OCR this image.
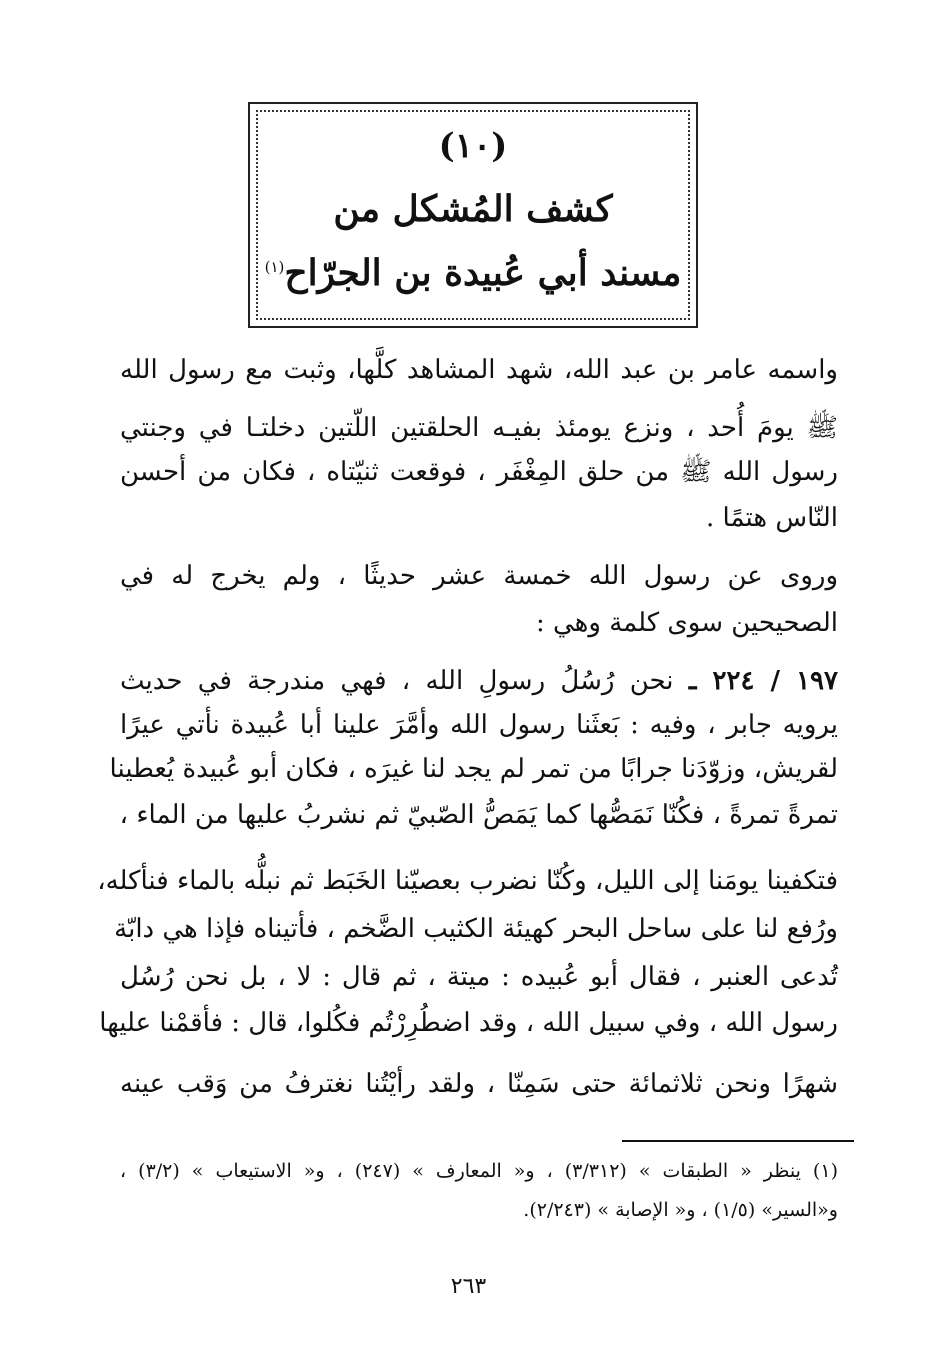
(١٠)
كشف المُشكل من
مسند أبي عُبيدة بن الجرّاح$^{(١)}$
واسمه عامر بن عبد الله، شهد المشاهد كلَّها، وثبت مع رسول الله
ﷺ يومَ أُحد ، ونزع يومئذ بفيـه الحلقتين اللّتين دخلتـا في وجنتي
رسول الله ﷺ من حلق المِغْفَر ، فوقعت ثنيّتاه ، فكان من أحسن
النّاس هتمًا .
وروى عن رسول الله خمسة عشر حديثًا ، ولم يخرج له في
الصحيحين سوى كلمة وهي :
١٩٧ / ٢٢٤ ـ نحن رُسُلُ رسولِ الله ، فهي مندرجة في حديث
يرويه جابر ، وفيه : بَعثَنا رسول الله وأمَّرَ علينا أبا عُبيدة نأتي عيرًا
لقريش، وزوّدَنا جرابًا من تمر لم يجد لنا غيرَه ، فكان أبو عُبيدة يُعطينا
تمرةً تمرةً ، فكُنّا نَمَصُّها كما يَمَصُّ الصّبيّ ثم نشربُ عليها من الماء ،
فتكفينا يومَنا إلى الليل، وكُنّا نضرب بعصيّنا الخَبَط ثم نبلُّه بالماء فنأكله،
ورُفع لنا على ساحل البحر كهيئة الكثيب الضَّخم ، فأتيناه فإذا هي دابّة
تُدعى العنبر ، فقال أبو عُبيده : ميتة ، ثم قال : لا ، بل نحن رُسُل
رسول الله ، وفي سبيل الله ، وقد اضطُرِرْتُم فكُلوا، قال : فأقمْنا عليها
شهرًا ونحن ثلاثمائة حتى سَمِنّا ، ولقد رأيْتُنا نغترفُ من وَقب عينه
(١) ينظر « الطبقات » (٣/٣١٢) ، و« المعارف » (٢٤٧) ، و« الاستيعاب » (٣/٢) ،
و«السير» (١/٥) ، و« الإصابة » (٢/٢٤٣).
٢٦٣
